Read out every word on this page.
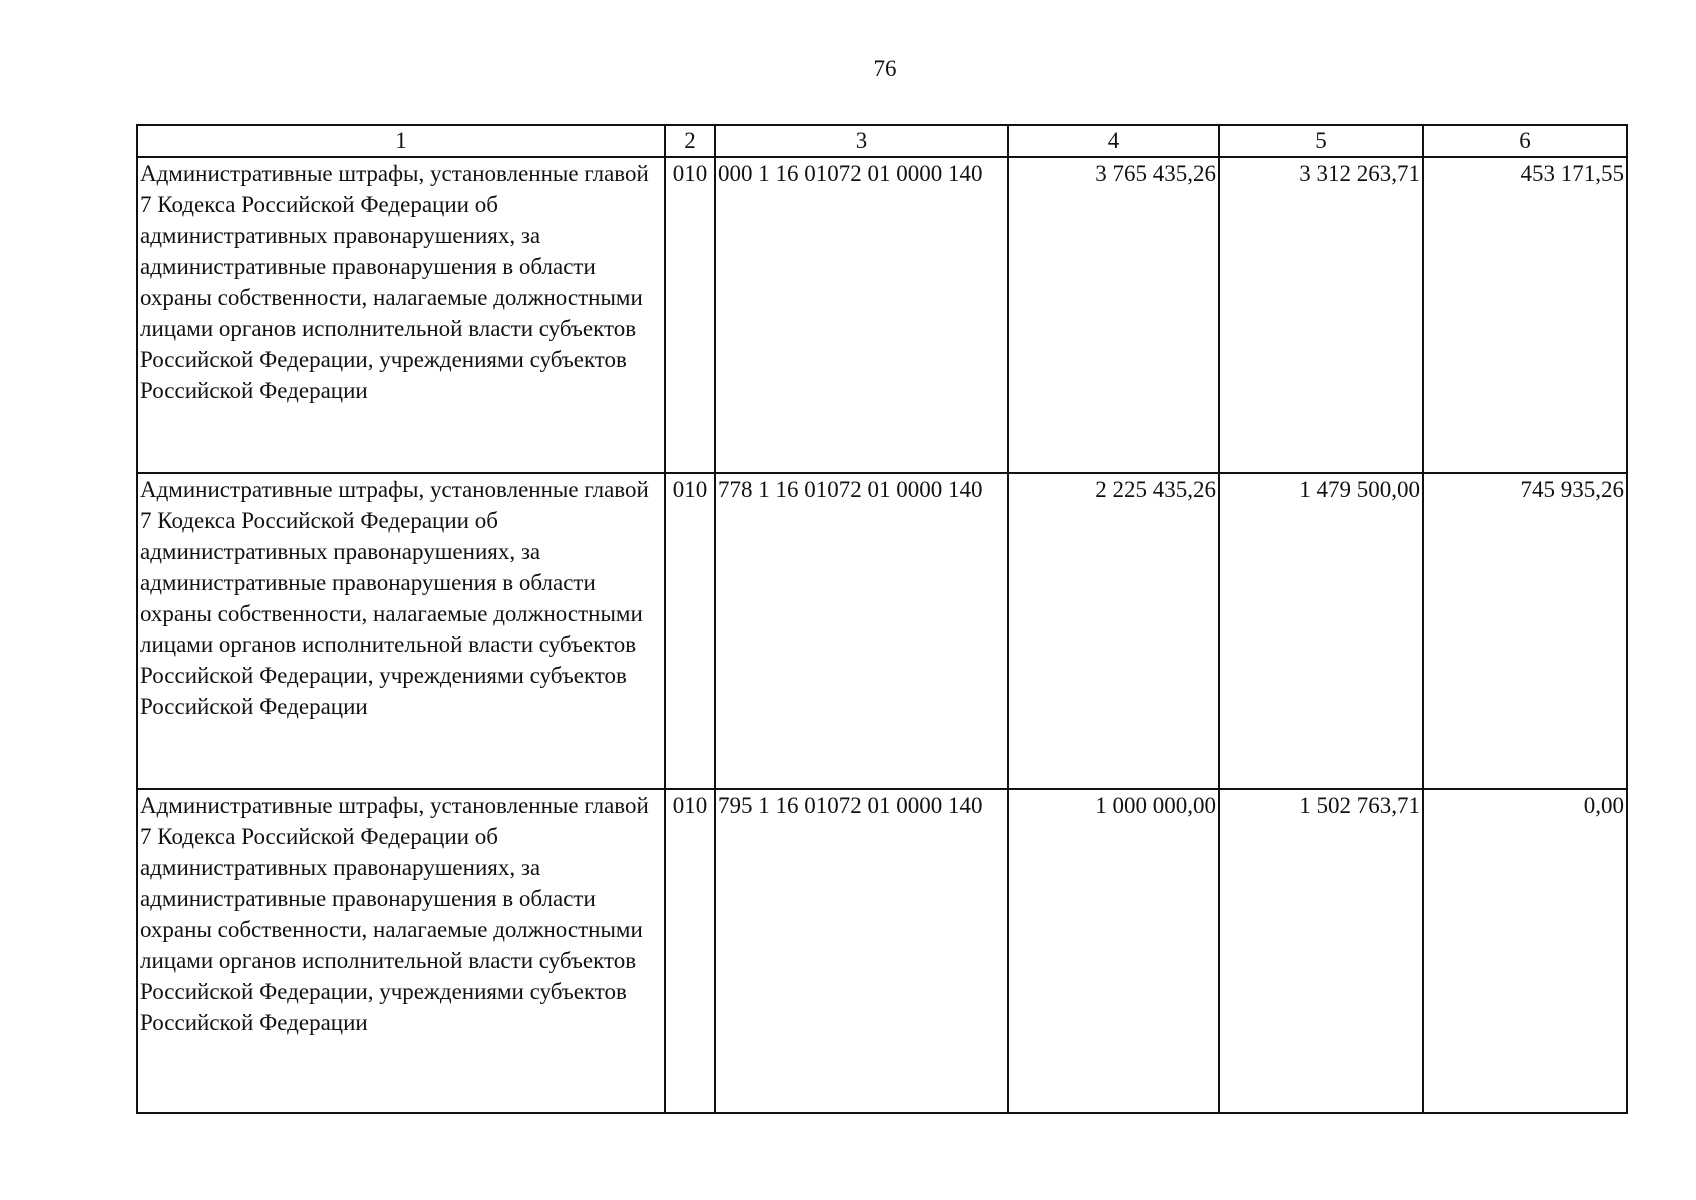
76
1	2	3	4	5	6
Административные штрафы, установленные главой 7 Кодекса Российской Федерации об административных правонарушениях, за административные правонарушения в области охраны собственности, налагаемые должностными лицами органов исполнительной власти субъектов Российской Федерации, учреждениями субъектов Российской Федерации	010	000 1 16 01072 01 0000 140	3 765 435,26	3 312 263,71	453 171,55
Административные штрафы, установленные главой 7 Кодекса Российской Федерации об административных правонарушениях, за административные правонарушения в области охраны собственности, налагаемые должностными лицами органов исполнительной власти субъектов Российской Федерации, учреждениями субъектов Российской Федерации	010	778 1 16 01072 01 0000 140	2 225 435,26	1 479 500,00	745 935,26
Административные штрафы, установленные главой 7 Кодекса Российской Федерации об административных правонарушениях, за административные правонарушения в области охраны собственности, налагаемые должностными лицами органов исполнительной власти субъектов Российской Федерации, учреждениями субъектов Российской Федерации	010	795 1 16 01072 01 0000 140	1 000 000,00	1 502 763,71	0,00
